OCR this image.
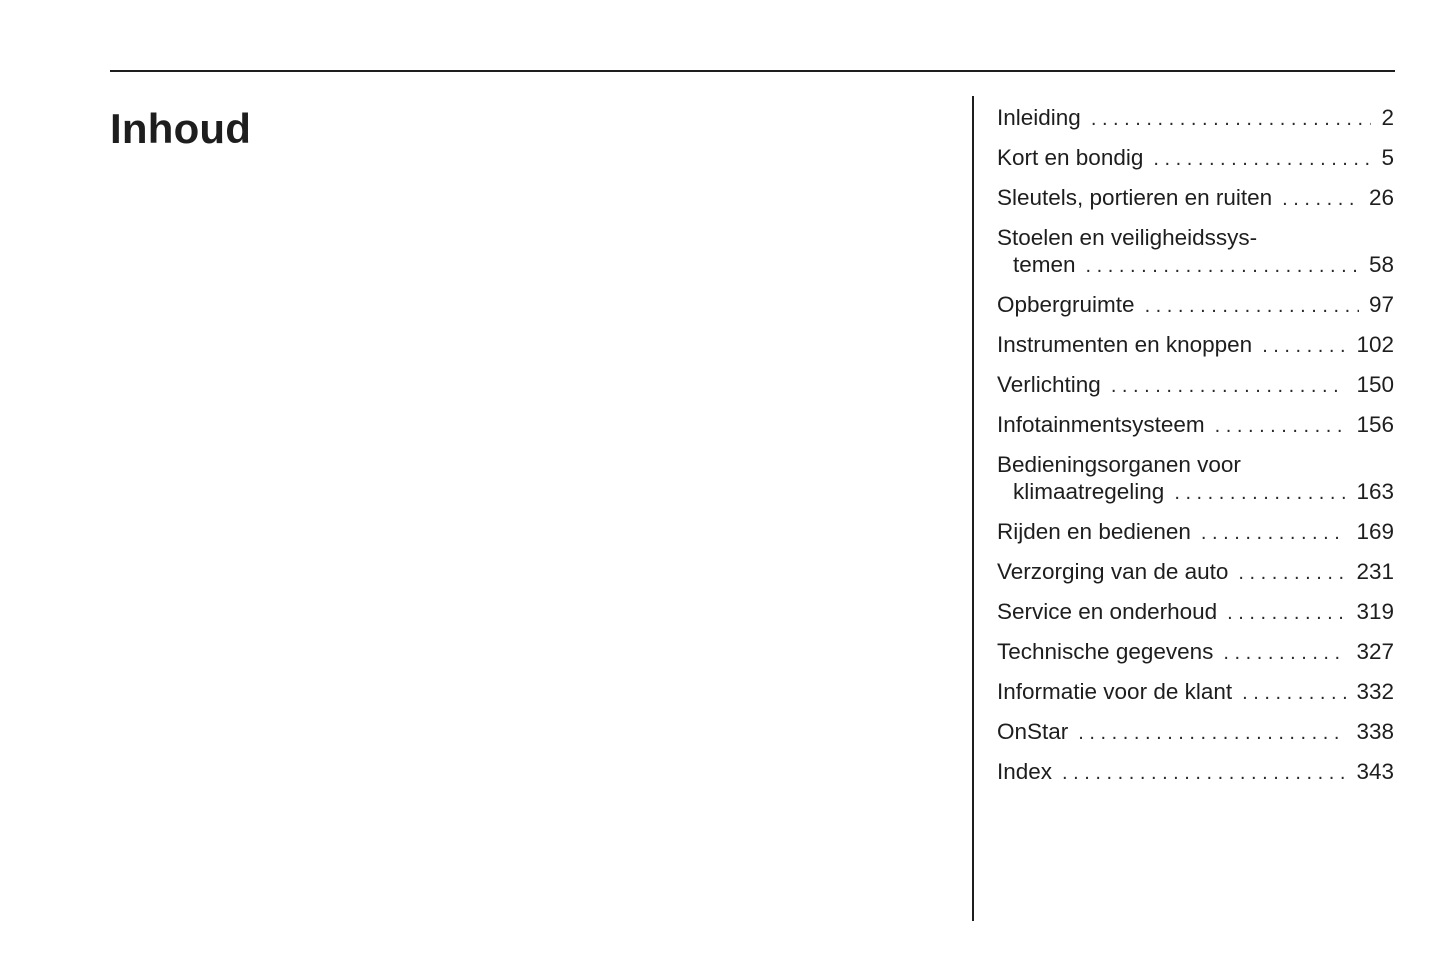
Inhoud	Inleiding . . .	2
Kort en bondig . . .	5
Sleutels, portieren en ruiten . . .	26
Stoelen en veiligheidssys-
temen . . .	58
Opbergruimte . . .	97
Instrumenten en knoppen . . .	102
Verlichting . . .	150
Infotainmentsysteem . . .	156
Bedieningsorganen voor
klimaatregeling . . .	163
Rijden en bedienen . . .	169
Verzorging van de auto . . .	231
Service en onderhoud . . .	319
Technische gegevens . . .	327
Informatie voor de klant . . .	332
OnStar . . .	338
Index . . .	343
